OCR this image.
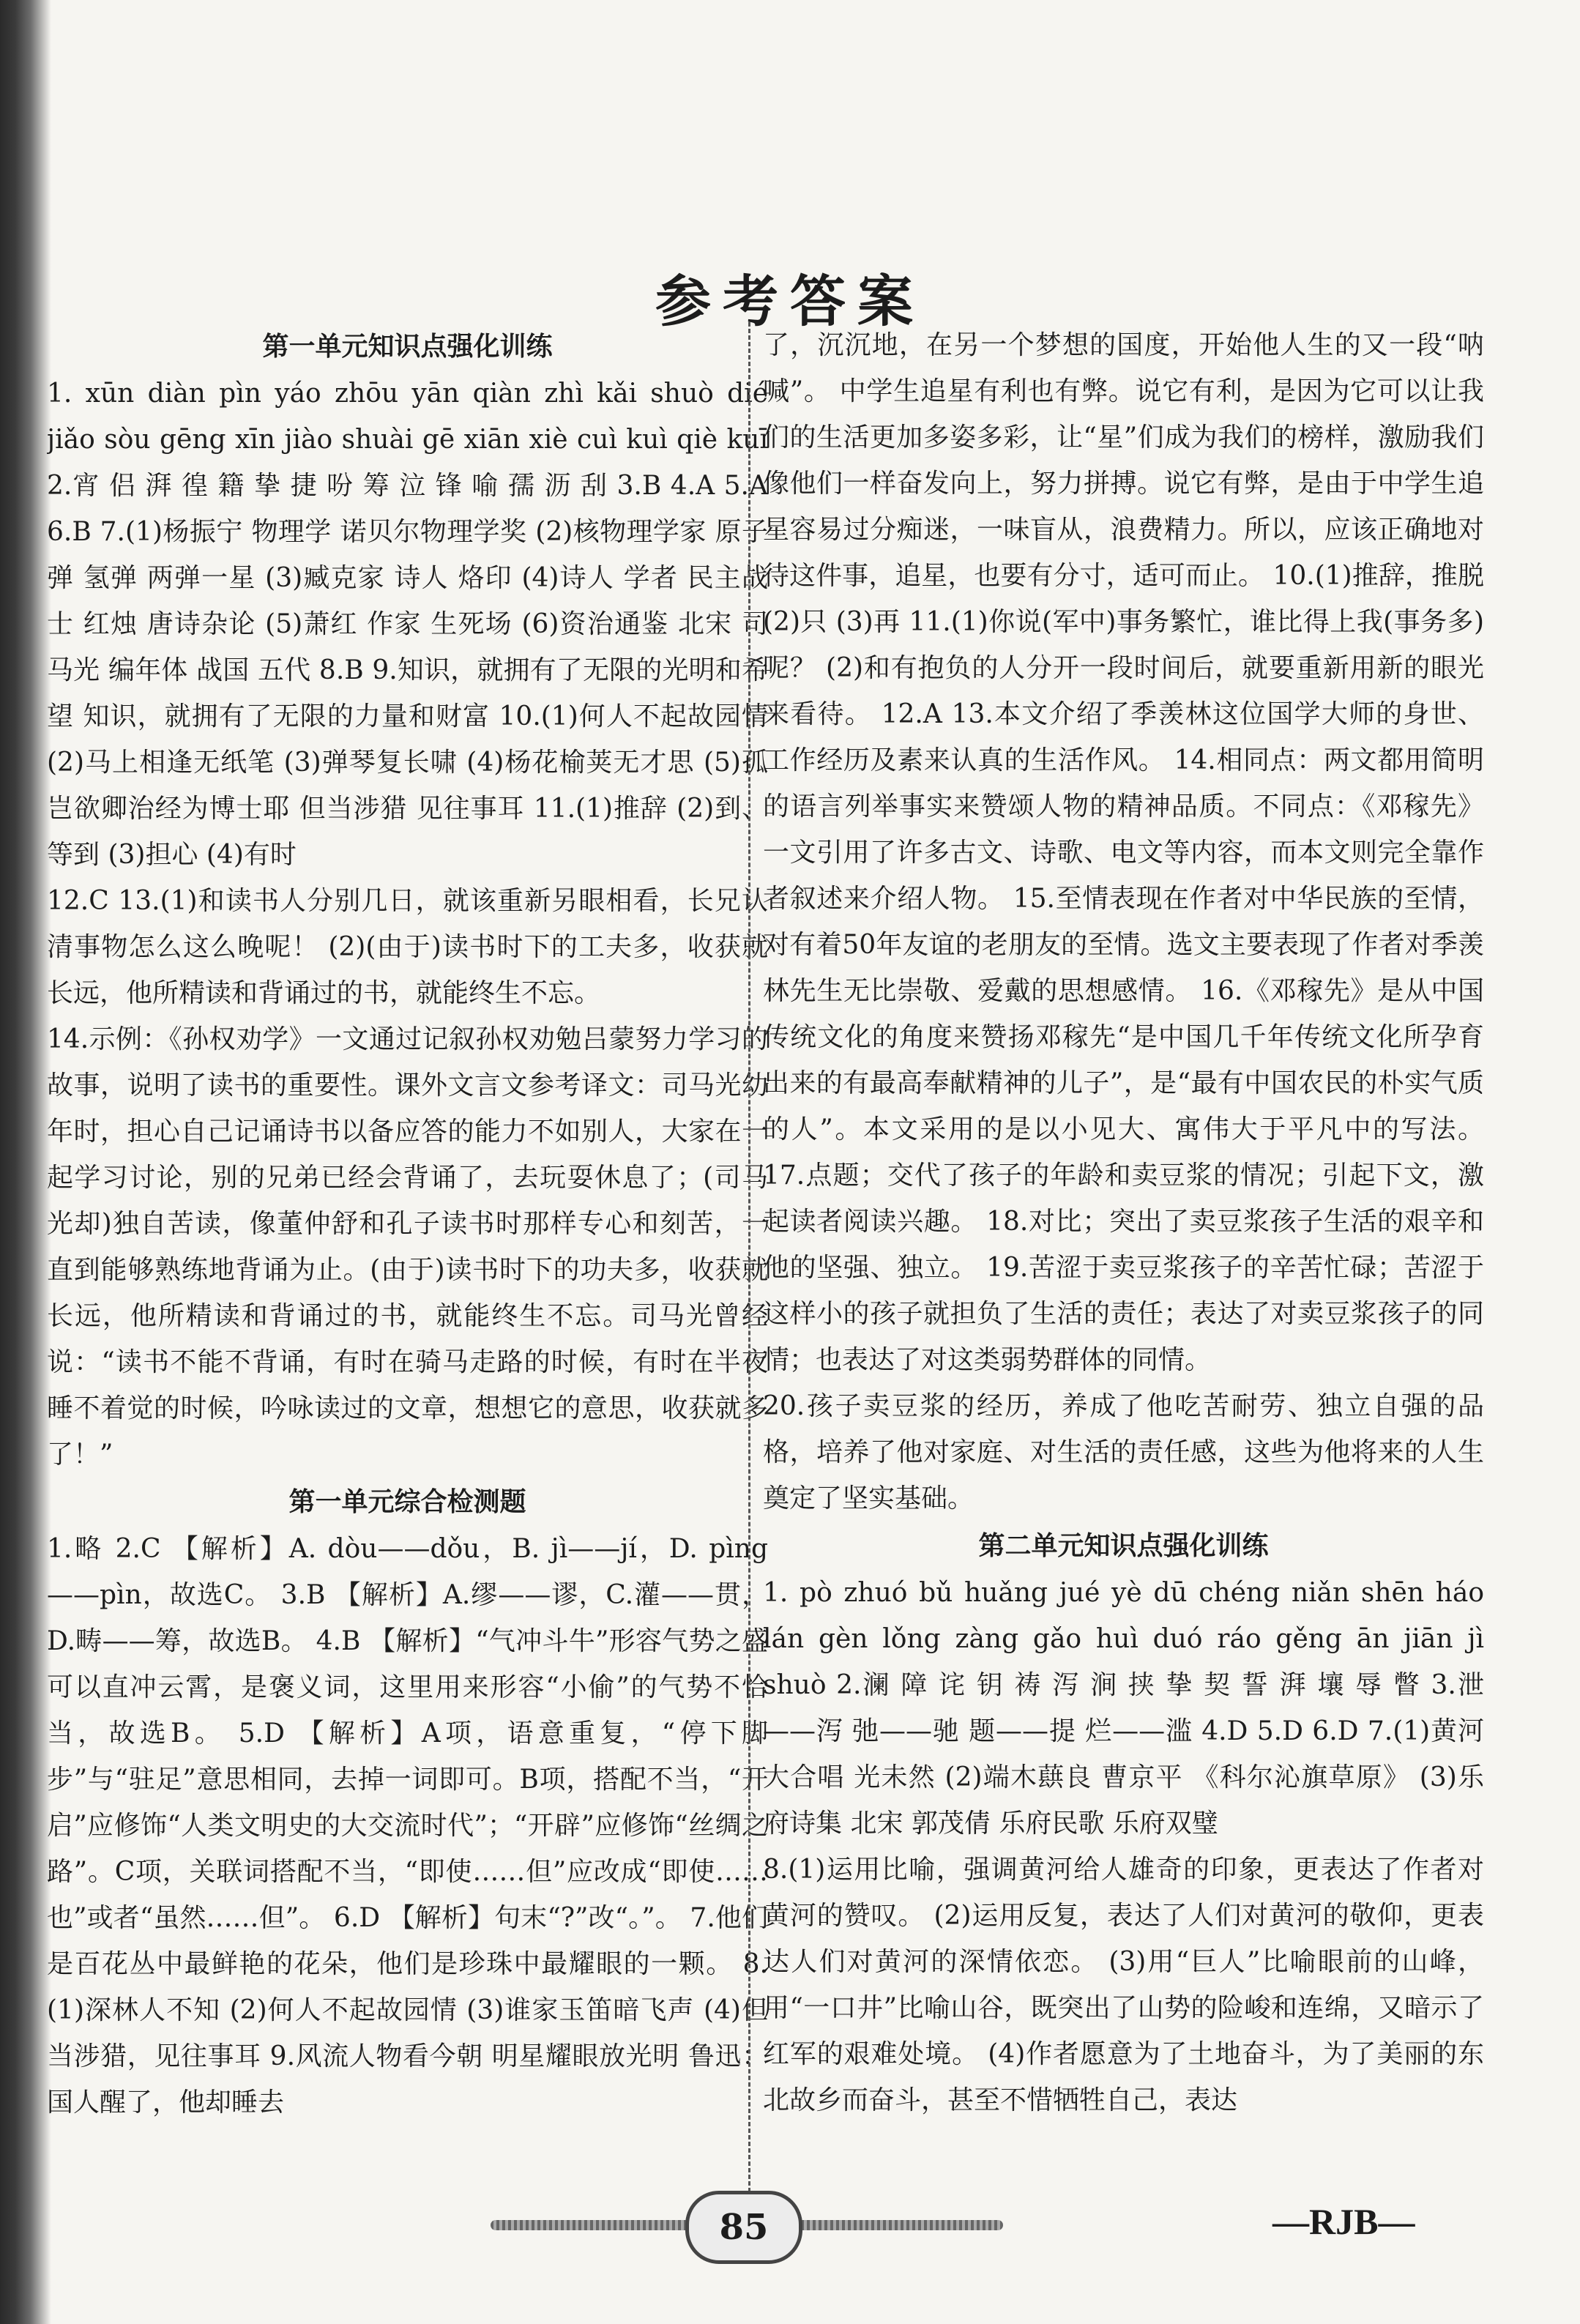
参考答案

第一单元知识点强化训练

1. xūn diàn pìn yáo zhōu yān qiàn zhì kǎi shuò dié jiǎo sòu gēng xīn jiào shuài gē xiān xiè cuì kuì qiè kuī 2.宵 侣 湃 徨 籍 挚 捷 吩 筹 泣 锋 喻 孺 沥 刮 3.B 4.A 5.A 6.B 7.(1)杨振宁 物理学 诺贝尔物理学奖 (2)核物理学家 原子弹 氢弹 两弹一星 (3)臧克家 诗人 烙印 (4)诗人 学者 民主战士 红烛 唐诗杂论 (5)萧红 作家 生死场 (6)资治通鉴 北宋 司马光 编年体 战国 五代 8.B 9.知识，就拥有了无限的光明和希望 知识，就拥有了无限的力量和财富 10.(1)何人不起故园情 (2)马上相逢无纸笔 (3)弹琴复长啸 (4)杨花榆荚无才思 (5)孤岂欲卿治经为博士耶 但当涉猎 见往事耳 11.(1)推辞 (2)到、等到 (3)担心 (4)有时

12.C 13.(1)和读书人分别几日，就该重新另眼相看，长兄认清事物怎么这么晚呢！ (2)(由于)读书时下的工夫多，收获就长远，他所精读和背诵过的书，就能终生不忘。

14.示例：《孙权劝学》一文通过记叙孙权劝勉吕蒙努力学习的故事，说明了读书的重要性。课外文言文参考译文：司马光幼年时，担心自己记诵诗书以备应答的能力不如别人，大家在一起学习讨论，别的兄弟已经会背诵了，去玩耍休息了；(司马光却)独自苦读，像董仲舒和孔子读书时那样专心和刻苦，一直到能够熟练地背诵为止。(由于)读书时下的功夫多，收获就长远，他所精读和背诵过的书，就能终生不忘。司马光曾经说：“读书不能不背诵，有时在骑马走路的时候，有时在半夜睡不着觉的时候，吟咏读过的文章，想想它的意思，收获就多了！”

第一单元综合检测题

1.略 2.C 【解析】A. dòu——dǒu，B. jì——jí，D. pìng——pìn，故选C。 3.B 【解析】A.缪——谬，C.灌——贯，D.畴——筹，故选B。 4.B 【解析】“气冲斗牛”形容气势之盛可以直冲云霄，是褒义词，这里用来形容“小偷”的气势不恰当，故选B。 5.D 【解析】A项，语意重复，“停下脚步”与“驻足”意思相同，去掉一词即可。B项，搭配不当，“开启”应修饰“人类文明史的大交流时代”；“开辟”应修饰“丝绸之路”。C项，关联词搭配不当，“即使……但”应改成“即使……也”或者“虽然……但”。 6.D 【解析】句末“?”改“。”。 7.他们是百花丛中最鲜艳的花朵，他们是珍珠中最耀眼的一颗。 8.(1)深林人不知 (2)何人不起故园情 (3)谁家玉笛暗飞声 (4)但当涉猎，见往事耳 9.风流人物看今朝 明星耀眼放光明 鲁迅：国人醒了，他却睡去

了，沉沉地，在另一个梦想的国度，开始他人生的又一段“呐喊”。 中学生追星有利也有弊。说它有利，是因为它可以让我们的生活更加多姿多彩，让“星”们成为我们的榜样，激励我们像他们一样奋发向上，努力拼搏。说它有弊，是由于中学生追星容易过分痴迷，一味盲从，浪费精力。所以，应该正确地对待这件事，追星，也要有分寸，适可而止。 10.(1)推辞，推脱 (2)只 (3)再 11.(1)你说(军中)事务繁忙，谁比得上我(事务多)呢？ (2)和有抱负的人分开一段时间后，就要重新用新的眼光来看待。 12.A 13.本文介绍了季羡林这位国学大师的身世、工作经历及素来认真的生活作风。 14.相同点：两文都用简明的语言列举事实来赞颂人物的精神品质。不同点：《邓稼先》一文引用了许多古文、诗歌、电文等内容，而本文则完全靠作者叙述来介绍人物。 15.至情表现在作者对中华民族的至情，对有着50年友谊的老朋友的至情。选文主要表现了作者对季羡林先生无比崇敬、爱戴的思想感情。 16.《邓稼先》是从中国传统文化的角度来赞扬邓稼先“是中国几千年传统文化所孕育出来的有最高奉献精神的儿子”，是“最有中国农民的朴实气质的人”。本文采用的是以小见大、寓伟大于平凡中的写法。 17.点题；交代了孩子的年龄和卖豆浆的情况；引起下文，激起读者阅读兴趣。 18.对比；突出了卖豆浆孩子生活的艰辛和他的坚强、独立。 19.苦涩于卖豆浆孩子的辛苦忙碌；苦涩于这样小的孩子就担负了生活的责任；表达了对卖豆浆孩子的同情；也表达了对这类弱势群体的同情。

20.孩子卖豆浆的经历，养成了他吃苦耐劳、独立自强的品格，培养了他对家庭、对生活的责任感，这些为他将来的人生奠定了坚实基础。

第二单元知识点强化训练

1. pò zhuó bǔ huǎng jué yè dū chéng niǎn shēn háo lán gèn lǒng zàng gǎo huì duó ráo gěng ān jiān jì shuò 2.澜 障 诧 钥 祷 泻 涧 挟 挚 契 誓 湃 壤 辱 瞥 3.泄——泻 弛——驰 题——提 烂——滥 4.D 5.D 6.D 7.(1)黄河大合唱 光未然 (2)端木蕻良 曹京平 《科尔沁旗草原》 (3)乐府诗集 北宋 郭茂倩 乐府民歌 乐府双璧

8.(1)运用比喻，强调黄河给人雄奇的印象，更表达了作者对黄河的赞叹。 (2)运用反复，表达了人们对黄河的敬仰，更表达人们对黄河的深情依恋。 (3)用“巨人”比喻眼前的山峰，用“一口井”比喻山谷，既突出了山势的险峻和连绵，又暗示了红军的艰难处境。 (4)作者愿意为了土地奋斗，为了美丽的东北故乡而奋斗，甚至不惜牺牲自己，表达

85	—RJB—
